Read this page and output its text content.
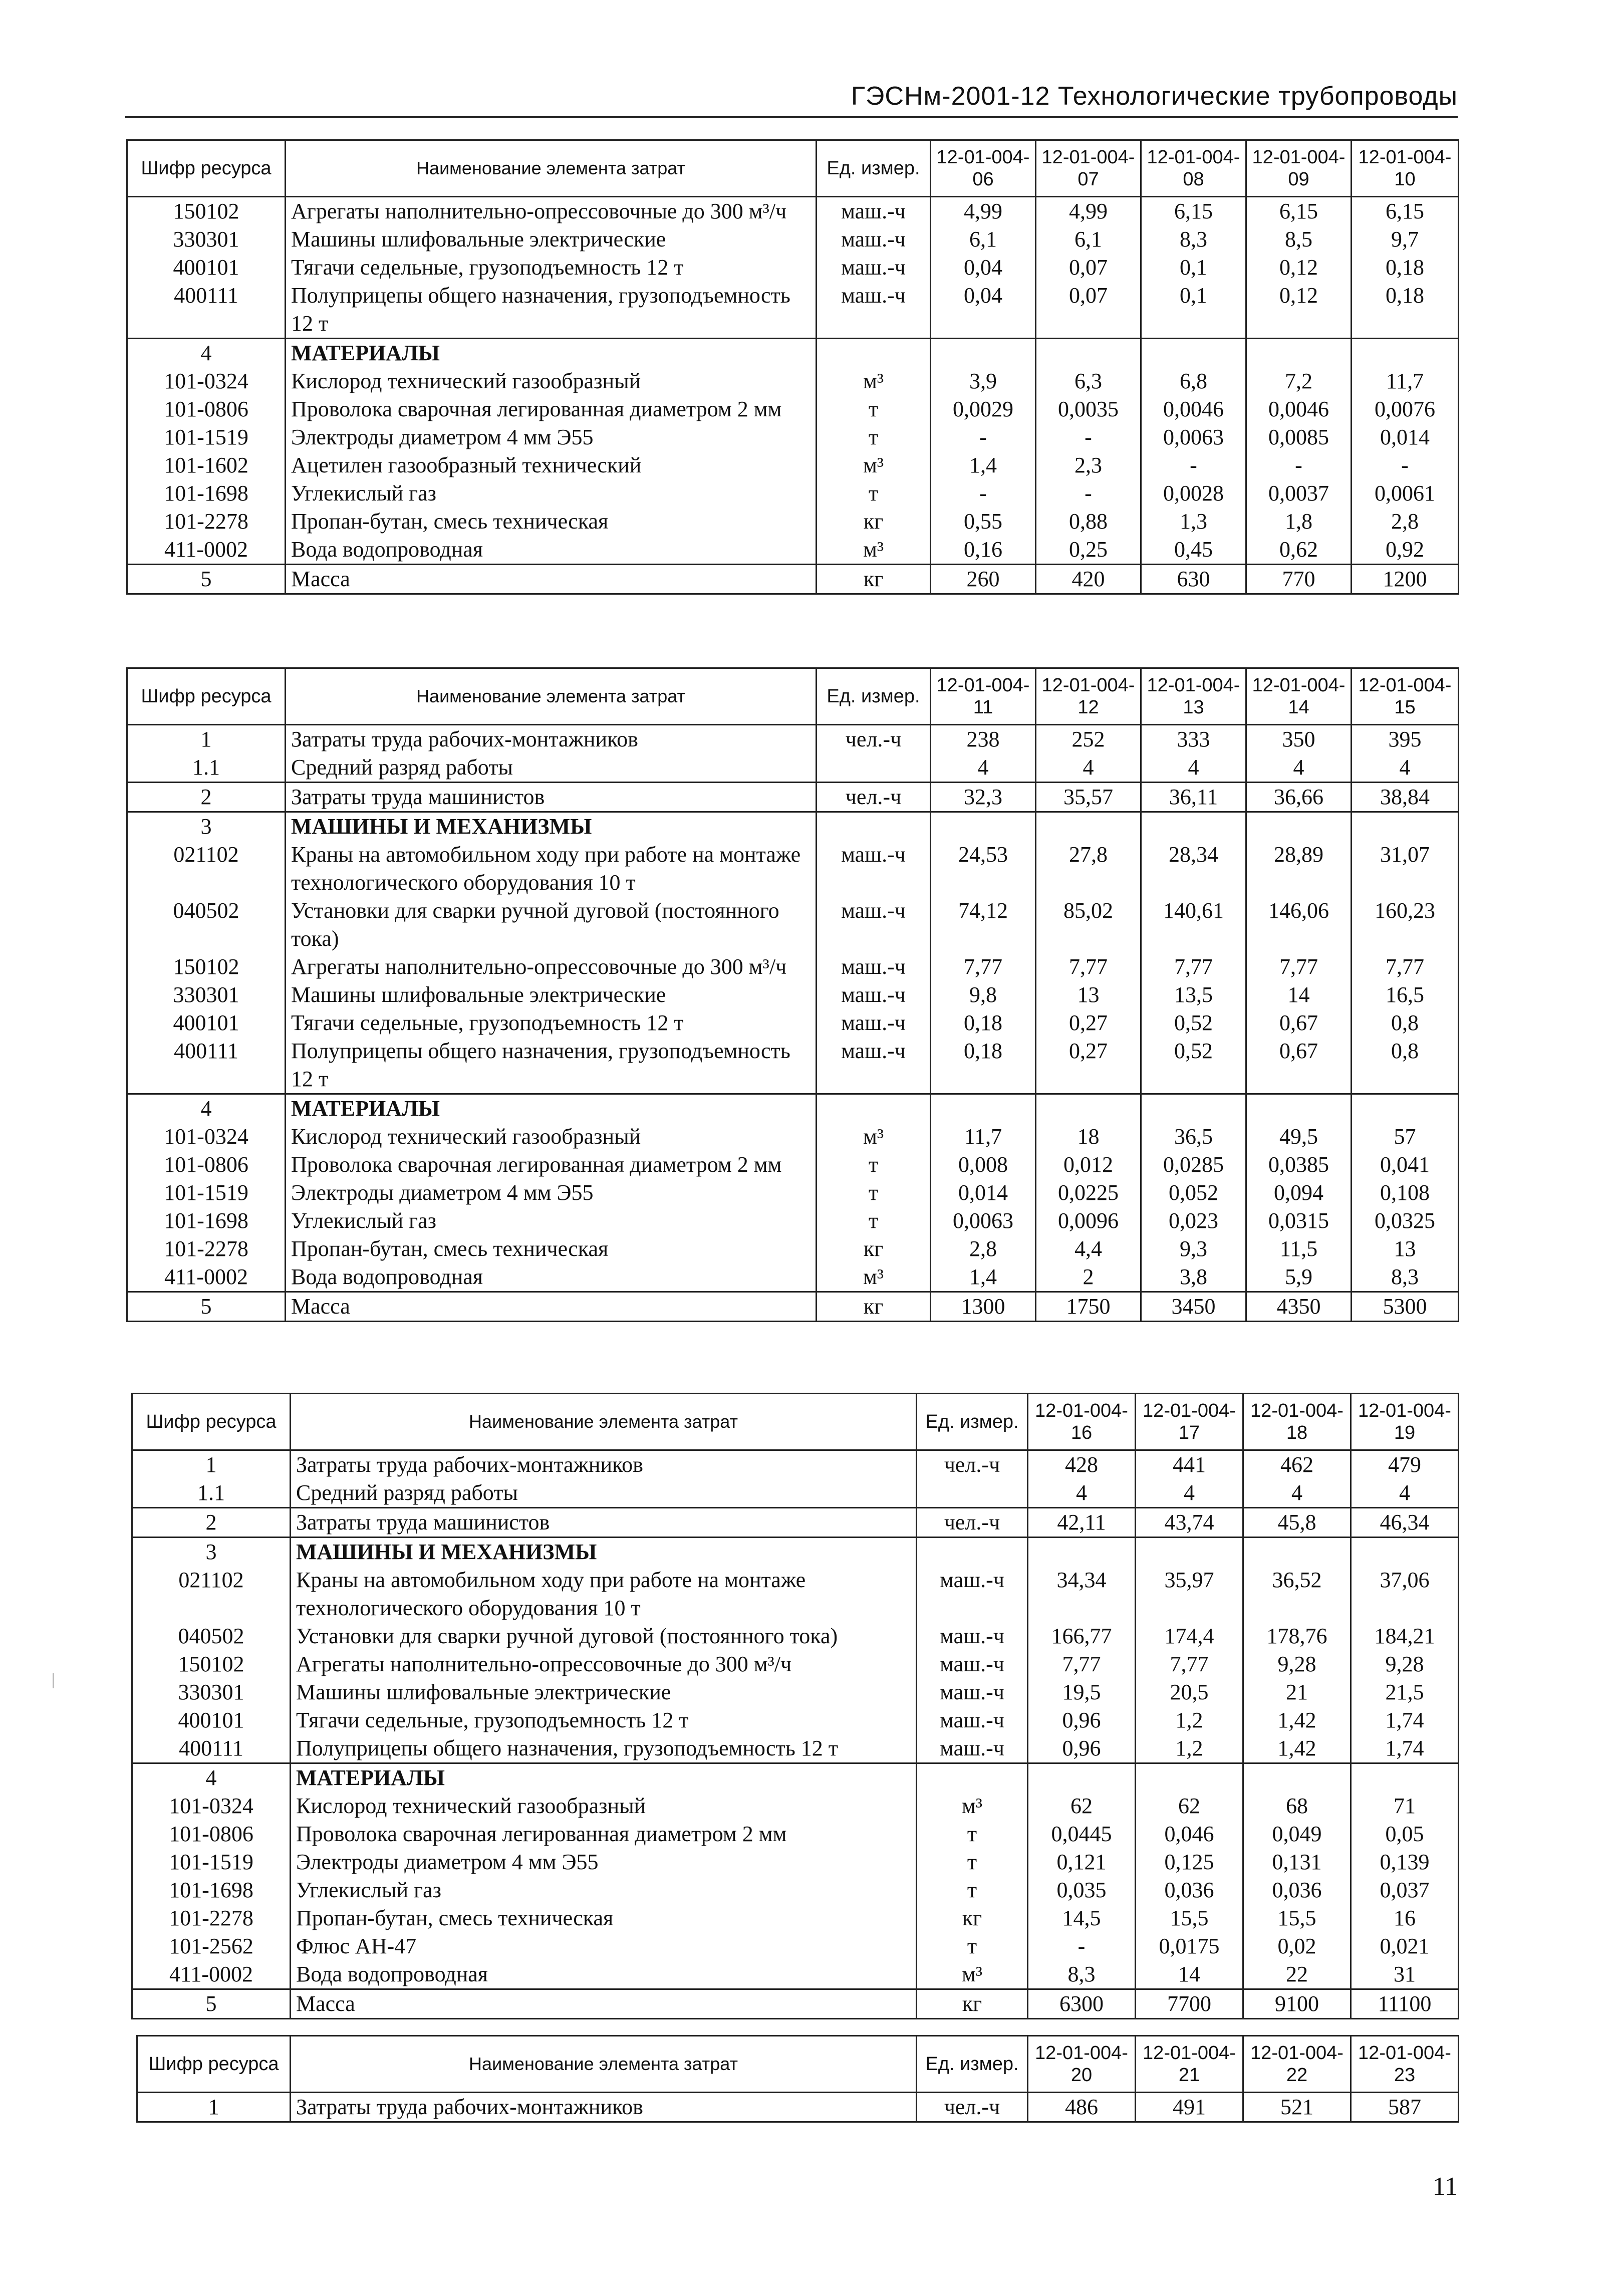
ГЭСНм-2001-12 Технологические трубопроводы
Шифр ресурса	Наименование элемента затрат	Ед. измер.	12-01-004-06	12-01-004-07	12-01-004-08	12-01-004-09	12-01-004-10
150102	Агрегаты наполнительно-опрессовочные до 300 м³/ч	маш.-ч	4,99	4,99	6,15	6,15	6,15
330301	Машины шлифовальные электрические	маш.-ч	6,1	6,1	8,3	8,5	9,7
400101	Тягачи седельные, грузоподъемность 12 т	маш.-ч	0,04	0,07	0,1	0,12	0,18
400111	Полуприцепы общего назначения, грузоподъемность 12 т	маш.-ч	0,04	0,07	0,1	0,12	0,18
4	МАТЕРИАЛЫ						
101-0324	Кислород технический газообразный	м³	3,9	6,3	6,8	7,2	11,7
101-0806	Проволока сварочная легированная диаметром 2 мм	т	0,0029	0,0035	0,0046	0,0046	0,0076
101-1519	Электроды диаметром 4 мм Э55	т	-	-	0,0063	0,0085	0,014
101-1602	Ацетилен газообразный технический	м³	1,4	2,3	-	-	-
101-1698	Углекислый газ	т	-	-	0,0028	0,0037	0,0061
101-2278	Пропан-бутан, смесь техническая	кг	0,55	0,88	1,3	1,8	2,8
411-0002	Вода водопроводная	м³	0,16	0,25	0,45	0,62	0,92
5	Масса	кг	260	420	630	770	1200
Шифр ресурса	Наименование элемента затрат	Ед. измер.	12-01-004-11	12-01-004-12	12-01-004-13	12-01-004-14	12-01-004-15
1	Затраты труда рабочих-монтажников	чел.-ч	238	252	333	350	395
1.1	Средний разряд работы		4	4	4	4	4
2	Затраты труда машинистов	чел.-ч	32,3	35,57	36,11	36,66	38,84
3	МАШИНЫ И МЕХАНИЗМЫ						
021102	Краны на автомобильном ходу при работе на монтаже технологического оборудования 10 т	маш.-ч	24,53	27,8	28,34	28,89	31,07
040502	Установки для сварки ручной дуговой (постоянного тока)	маш.-ч	74,12	85,02	140,61	146,06	160,23
150102	Агрегаты наполнительно-опрессовочные до 300 м³/ч	маш.-ч	7,77	7,77	7,77	7,77	7,77
330301	Машины шлифовальные электрические	маш.-ч	9,8	13	13,5	14	16,5
400101	Тягачи седельные, грузоподъемность 12 т	маш.-ч	0,18	0,27	0,52	0,67	0,8
400111	Полуприцепы общего назначения, грузоподъемность 12 т	маш.-ч	0,18	0,27	0,52	0,67	0,8
4	МАТЕРИАЛЫ						
101-0324	Кислород технический газообразный	м³	11,7	18	36,5	49,5	57
101-0806	Проволока сварочная легированная диаметром 2 мм	т	0,008	0,012	0,0285	0,0385	0,041
101-1519	Электроды диаметром 4 мм Э55	т	0,014	0,0225	0,052	0,094	0,108
101-1698	Углекислый газ	т	0,0063	0,0096	0,023	0,0315	0,0325
101-2278	Пропан-бутан, смесь техническая	кг	2,8	4,4	9,3	11,5	13
411-0002	Вода водопроводная	м³	1,4	2	3,8	5,9	8,3
5	Масса	кг	1300	1750	3450	4350	5300
Шифр ресурса	Наименование элемента затрат	Ед. измер.	12-01-004-16	12-01-004-17	12-01-004-18	12-01-004-19
1	Затраты труда рабочих-монтажников	чел.-ч	428	441	462	479
1.1	Средний разряд работы		4	4	4	4
2	Затраты труда машинистов	чел.-ч	42,11	43,74	45,8	46,34
3	МАШИНЫ И МЕХАНИЗМЫ					
021102	Краны на автомобильном ходу при работе на монтаже технологического оборудования 10 т	маш.-ч	34,34	35,97	36,52	37,06
040502	Установки для сварки ручной дуговой (постоянного тока)	маш.-ч	166,77	174,4	178,76	184,21
150102	Агрегаты наполнительно-опрессовочные до 300 м³/ч	маш.-ч	7,77	7,77	9,28	9,28
330301	Машины шлифовальные электрические	маш.-ч	19,5	20,5	21	21,5
400101	Тягачи седельные, грузоподъемность 12 т	маш.-ч	0,96	1,2	1,42	1,74
400111	Полуприцепы общего назначения, грузоподъемность 12 т	маш.-ч	0,96	1,2	1,42	1,74
4	МАТЕРИАЛЫ					
101-0324	Кислород технический газообразный	м³	62	62	68	71
101-0806	Проволока сварочная легированная диаметром 2 мм	т	0,0445	0,046	0,049	0,05
101-1519	Электроды диаметром 4 мм Э55	т	0,121	0,125	0,131	0,139
101-1698	Углекислый газ	т	0,035	0,036	0,036	0,037
101-2278	Пропан-бутан, смесь техническая	кг	14,5	15,5	15,5	16
101-2562	Флюс АН-47	т	-	0,0175	0,02	0,021
411-0002	Вода водопроводная	м³	8,3	14	22	31
5	Масса	кг	6300	7700	9100	11100
Шифр ресурса	Наименование элемента затрат	Ед. измер.	12-01-004-20	12-01-004-21	12-01-004-22	12-01-004-23
1	Затраты труда рабочих-монтажников	чел.-ч	486	491	521	587
11
